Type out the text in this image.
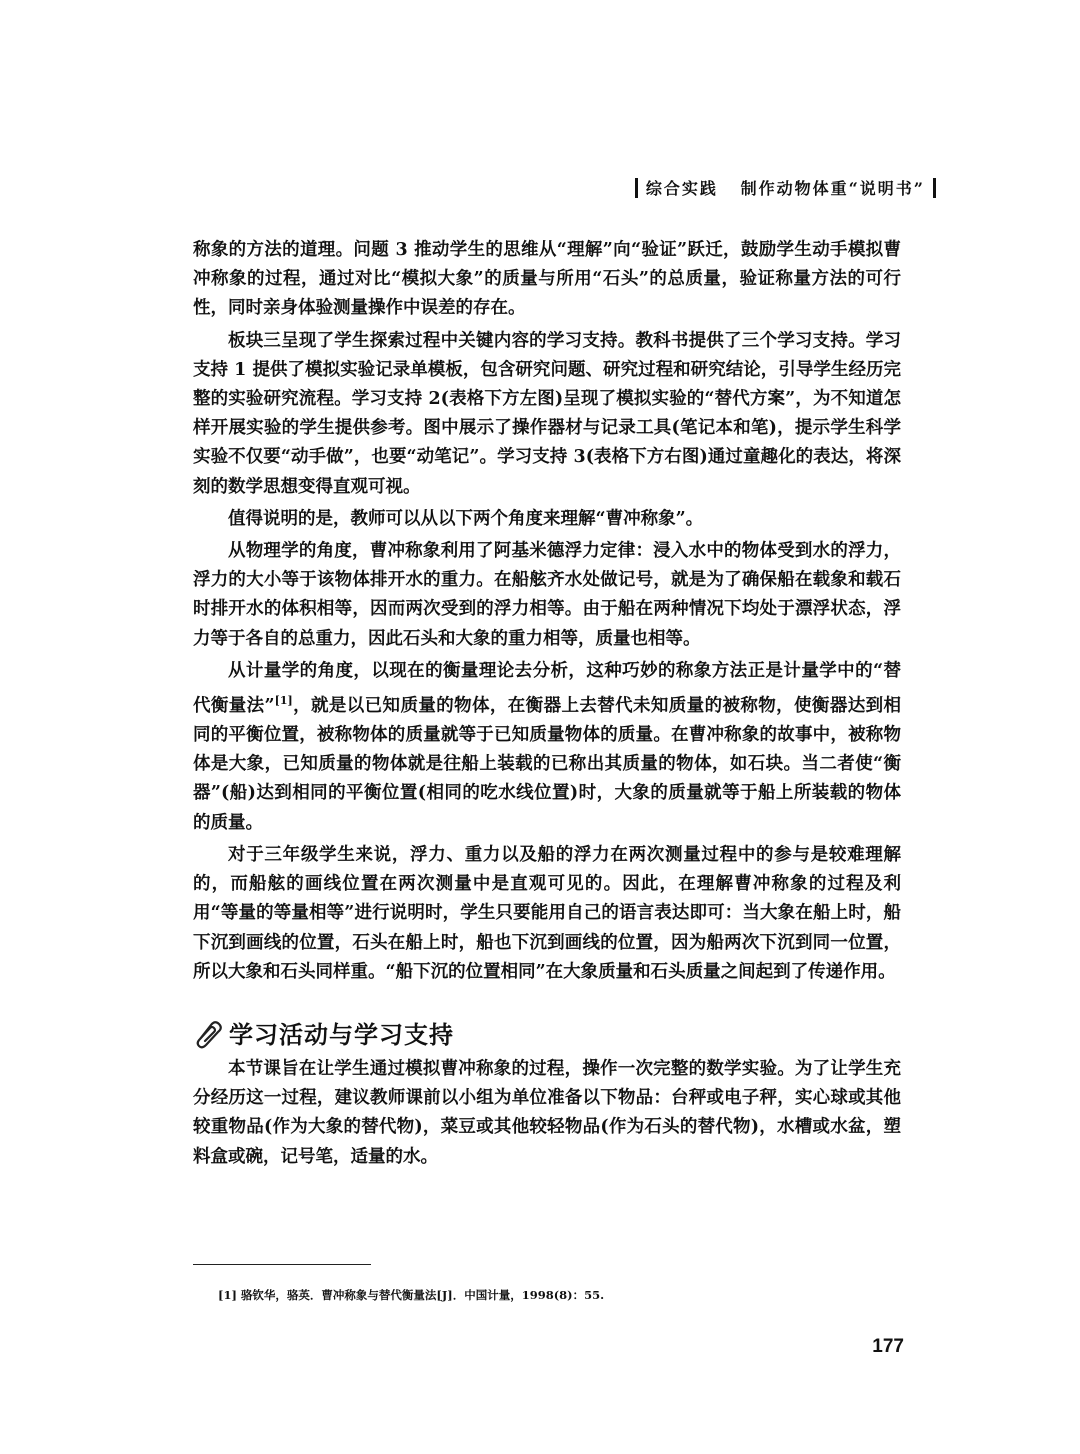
综合实践 制作动物体重“说明书”

称象的方法的道理。问题 3 推动学生的思维从“理解”向“验证”跃迁，鼓励学生动手模拟曹冲称象的过程，通过对比“模拟大象”的质量与所用“石头”的总质量，验证称量方法的可行性，同时亲身体验测量操作中误差的存在。

板块三呈现了学生探索过程中关键内容的学习支持。教科书提供了三个学习支持。学习支持 1 提供了模拟实验记录单模板，包含研究问题、研究过程和研究结论，引导学生经历完整的实验研究流程。学习支持 2(表格下方左图)呈现了模拟实验的“替代方案”，为不知道怎样开展实验的学生提供参考。图中展示了操作器材与记录工具(笔记本和笔)，提示学生科学实验不仅要“动手做”，也要“动笔记”。学习支持 3(表格下方右图)通过童趣化的表达，将深刻的数学思想变得直观可视。

值得说明的是，教师可以从以下两个角度来理解“曹冲称象”。

从物理学的角度，曹冲称象利用了阿基米德浮力定律：浸入水中的物体受到水的浮力，浮力的大小等于该物体排开水的重力。在船舷齐水处做记号，就是为了确保船在载象和载石时排开水的体积相等，因而两次受到的浮力相等。由于船在两种情况下均处于漂浮状态，浮力等于各自的总重力，因此石头和大象的重力相等，质量也相等。

从计量学的角度，以现在的衡量理论去分析，这种巧妙的称象方法正是计量学中的“替代衡量法”[1]，就是以已知质量的物体，在衡器上去替代未知质量的被称物，使衡器达到相同的平衡位置，被称物体的质量就等于已知质量物体的质量。在曹冲称象的故事中，被称物体是大象，已知质量的物体就是往船上装载的已称出其质量的物体，如石块。当二者使“衡器”(船)达到相同的平衡位置(相同的吃水线位置)时，大象的质量就等于船上所装载的物体的质量。

对于三年级学生来说，浮力、重力以及船的浮力在两次测量过程中的参与是较难理解的，而船舷的画线位置在两次测量中是直观可见的。因此，在理解曹冲称象的过程及利用“等量的等量相等”进行说明时，学生只要能用自己的语言表达即可：当大象在船上时，船下沉到画线的位置，石头在船上时，船也下沉到画线的位置，因为船两次下沉到同一位置，所以大象和石头同样重。“船下沉的位置相同”在大象质量和石头质量之间起到了传递作用。

学习活动与学习支持

本节课旨在让学生通过模拟曹冲称象的过程，操作一次完整的数学实验。为了让学生充分经历这一过程，建议教师课前以小组为单位准备以下物品：台秤或电子秤，实心球或其他较重物品(作为大象的替代物)，菜豆或其他较轻物品(作为石头的替代物)，水槽或水盆，塑料盒或碗，记号笔，适量的水。

[1] 骆钦华，骆英．曹冲称象与替代衡量法[J]．中国计量，1998(8)：55.
177
